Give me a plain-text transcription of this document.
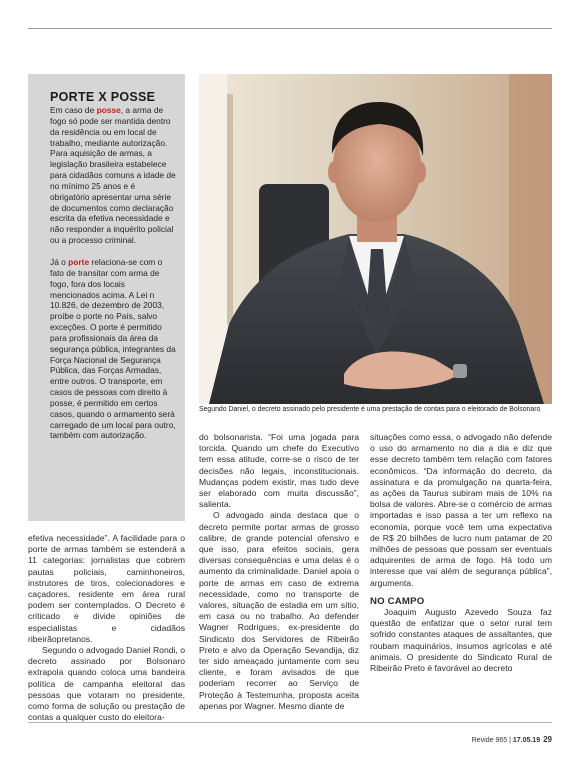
PORTE X POSSE

Em caso de posse, a arma de fogo só pode ser mantida dentro da residência ou em local de trabalho, mediante autorização. Para aquisição de armas, a legislação brasileira estabelece para cidadãos comuns a idade de no mínimo 25 anos e é obrigatório apresentar uma série de documentos como declaração escrita da efetiva necessidade e não responder a inquérito policial ou a processo criminal.

Já o porte relaciona-se com o fato de transitar com arma de fogo, fora dos locais mencionados acima. A Lei n 10.826, de dezembro de 2003, proíbe o porte no País, salvo exceções. O porte é permitido para profissionais da área da segurança pública, integrantes da Força Nacional de Segurança Pública, das Forças Armadas, entre outros. O transporte, em casos de pessoas com direito à posse, é permitido em certos casos, quando o armamento será carregado de um local para outro, também com autorização.

Segundo Daniel, o decreto assinado pelo presidente é uma prestação de contas para o eleitorado de Bolsonaro

efetiva necessidade”. A facilidade para o porte de armas também se estenderá a 11 categorias: jornalistas que cobrem pautas policiais, caminhoneiros, instrutores de tiros, colecionadores e caçadores, residente em área rural podem ser contemplados. O Decreto é criticado e divide opiniões de especialistas e cidadãos ribeirãopretanos.

Segundo o advogado Daniel Rondi, o decreto assinado por Bolsonaro extrapola quando coloca uma bandeira política de campanha eleitoral das pessoas que votaram no presidente, como forma de solução ou prestação de contas a qualquer custo do eleitora-

do bolsonarista. “Foi uma jogada para torcida. Quando um chefe do Executivo tem essa atitude, corre-se o risco de ter decisões não legais, inconstitucionais. Mudanças podem existir, mas tudo deve ser elaborado com muita discussão”, salienta.

O advogado ainda destaca que o decreto permite portar armas de grosso calibre, de grande potencial ofensivo e que isso, para efeitos sociais, gera diversas consequências e uma delas é o aumento da criminalidade. Daniel apoia o porte de armas em caso de extrema necessidade, como no transporte de valores, situação de estadia em um sítio, em casa ou no trabalho. Ao defender Wagner Rodrigues, ex-presidente do Sindicato dos Servidores de Ribeirão Preto e alvo da Operação Sevandija, diz ter sido ameaçado juntamente com seu cliente, e foram avisados de que poderiam recorrer ao Serviço de Proteção à Testemunha, proposta aceita apenas por Wagner. Mesmo diante de

situações como essa, o advogado não defende o uso do armamento no dia a dia e diz que esse decreto também tem relação com fatores econômicos. “Da informação do decreto, da assinatura e da promulgação na quarta-feira, as ações da Taurus subiram mais de 10% na bolsa de valores. Abre-se o comércio de armas importadas e isso passa a ter um reflexo na economia, porque você tem uma expectativa de R$ 20 bilhões de lucro num patamar de 20 milhões de pessoas que possam ser eventuais adquirentes de arma de fogo. Há todo um interesse que vai além de segurança pública”, argumenta.

NO CAMPO

Joaquim Augusto Azevedo Souza faz questão de enfatizar que o setor rural tem sofrido constantes ataques de assaltantes, que roubam maquinários, insumos agrícolas e até animais. O presidente do Sindicato Rural de Ribeirão Preto é favorável ao decreto

Revide 965 | 17.05.19 29
